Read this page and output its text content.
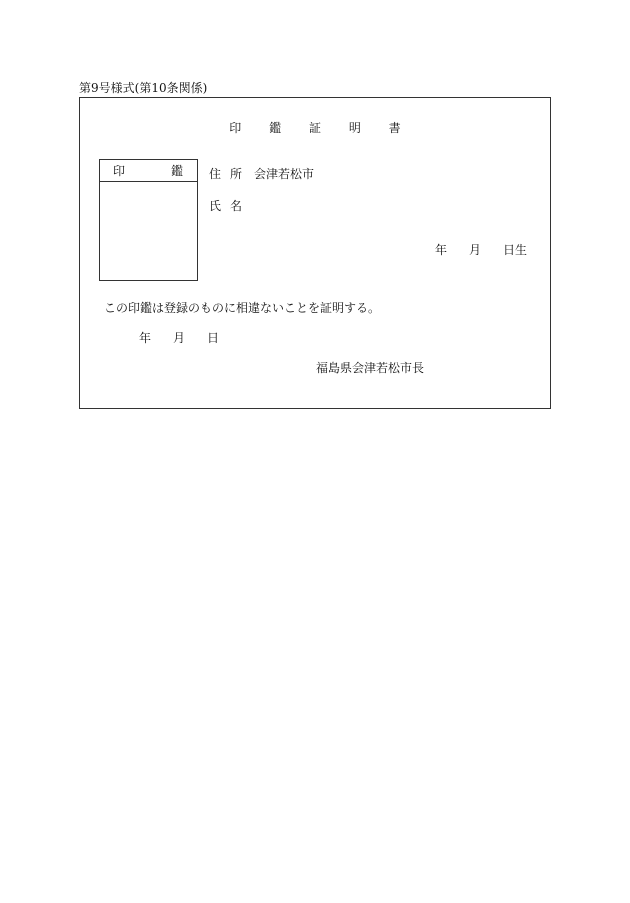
第9号様式(第10条関係)
印 鑑 証 明 書
印	鑑 住 所 会津若松市
氏 名
年 月 日生
この印鑑は登録のものに相違ないことを証明する。
年 月 日
福島県会津若松市長
